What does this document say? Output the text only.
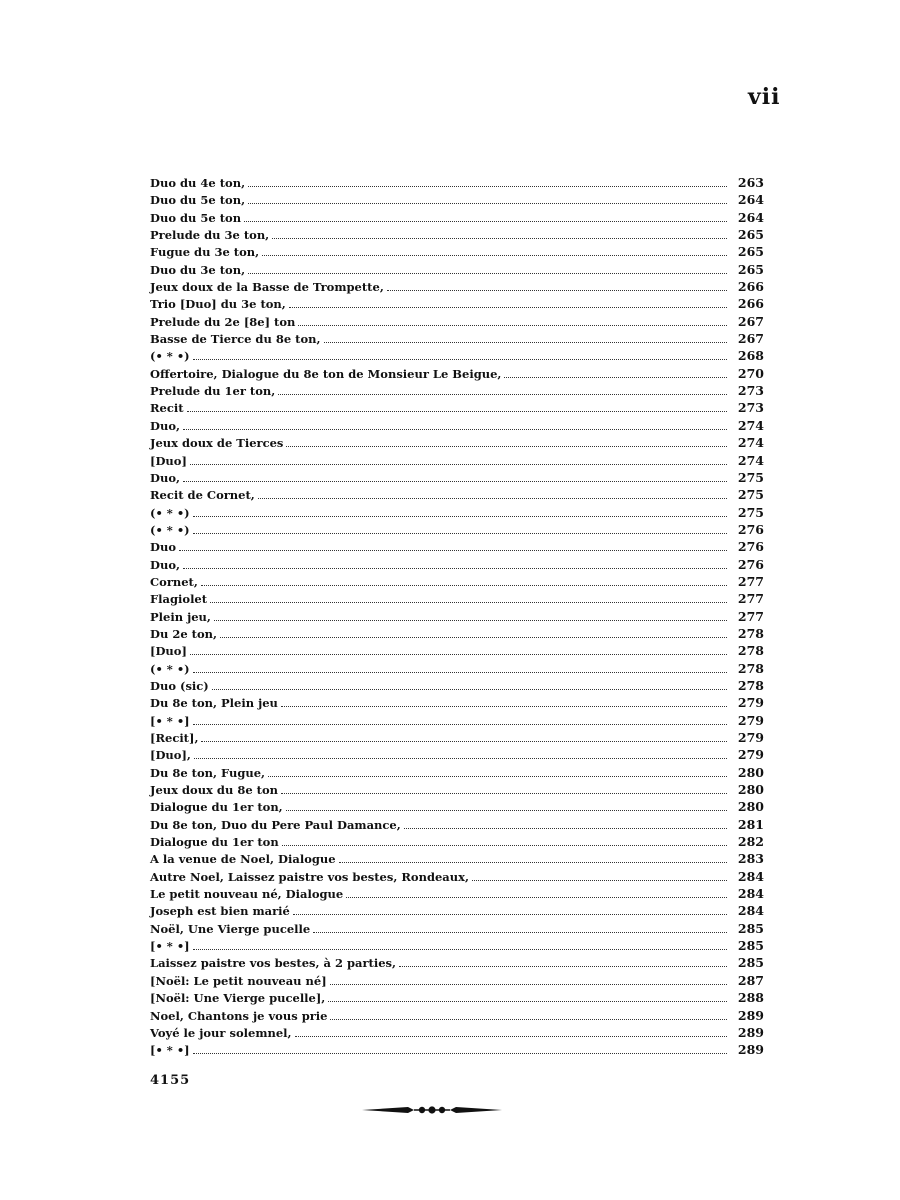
vii
Duo du 4e ton,	263
Duo du 5e ton,	264
Duo du 5e ton	264
Prelude du 3e ton,	265
Fugue du 3e ton,	265
Duo du 3e ton,	265
Jeux doux de la Basse de Trompette,	266
Trio [Duo] du 3e ton,	266
Prelude du 2e [8e] ton	267
Basse de Tierce du 8e ton,	267
(• * •)	268
Offertoire, Dialogue du 8e ton de Monsieur Le Beigue,	270
Prelude du 1er ton,	273
Recit	273
Duo,	274
Jeux doux de Tierces	274
[Duo]	274
Duo,	275
Recit de Cornet,	275
(• * •)	275
(• * •)	276
Duo	276
Duo,	276
Cornet,	277
Flagiolet	277
Plein jeu,	277
Du 2e ton,	278
[Duo]	278
(• * •)	278
Duo (sic)	278
Du 8e ton, Plein jeu	279
[• * •]	279
[Recit],	279
[Duo],	279
Du 8e ton, Fugue,	280
Jeux doux du 8e ton	280
Dialogue du 1er ton,	280
Du 8e ton, Duo du Pere Paul Damance,	281
Dialogue du 1er ton	282
A la venue de Noel, Dialogue	283
Autre Noel, Laissez paistre vos bestes, Rondeaux,	284
Le petit nouveau né, Dialogue	284
Joseph est bien marié	284
Noël, Une Vierge pucelle	285
[• * •]	285
Laissez paistre vos bestes, à 2 parties,	285
[Noël: Le petit nouveau né]	287
[Noël: Une Vierge pucelle],	288
Noel, Chantons je vous prie	289
Voyé le jour solemnel,	289
[• * •]	289
4155
